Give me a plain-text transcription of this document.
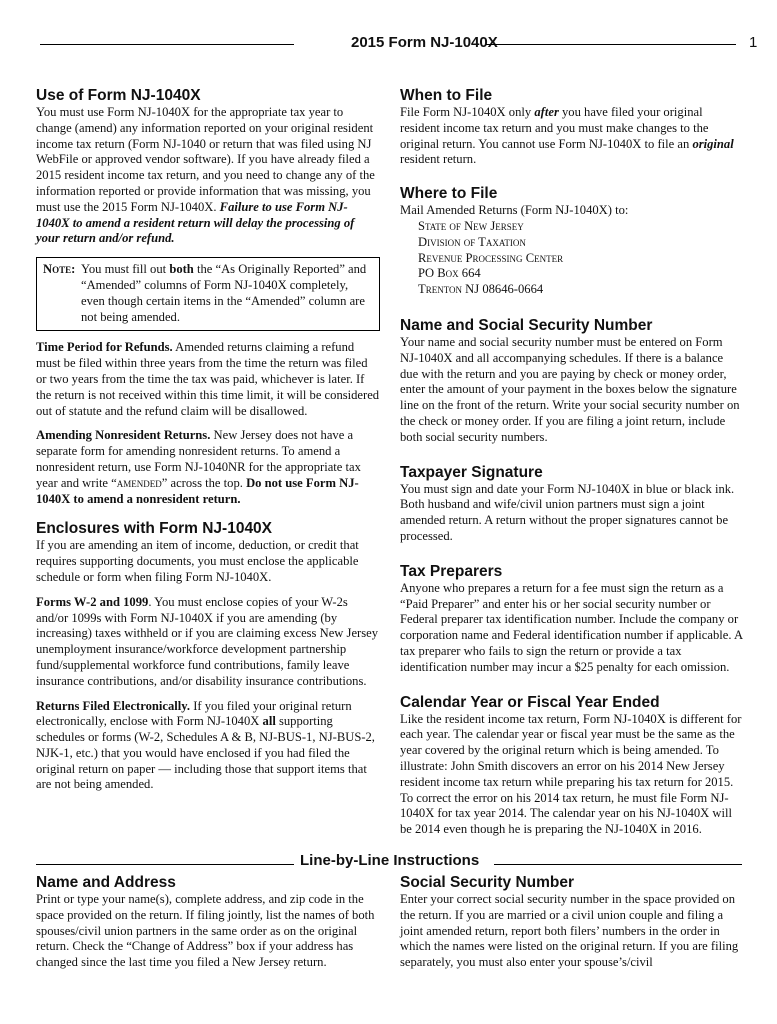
2015 Form NJ-1040X	1
Use of Form NJ-1040X

You must use Form NJ-1040X for the appropriate tax year to change (amend) any information reported on your original resident income tax return (Form NJ-1040 or return that was filed using NJ WebFile or approved vendor software). If you have already filed a 2015 resident income tax return, and you need to change any of the information reported or provide information that was missing, you must use the 2015 Form NJ-1040X. Failure to use Form NJ-1040X to amend a resident return will delay the processing of your return and/or refund.

Note: You must fill out both the “As Originally Reported” and “Amended” columns of Form NJ-1040X completely, even though certain items in the “Amended” column are not being amended.

Time Period for Refunds. Amended returns claiming a refund must be filed within three years from the time the return was filed or two years from the time the tax was paid, whichever is later. If the return is not received within this time limit, it will be considered out of statute and the refund claim will be disallowed.

Amending Nonresident Returns. New Jersey does not have a separate form for amending nonresident returns. To amend a nonresident return, use Form NJ-1040NR for the appropriate tax year and write “amended” across the top. Do not use Form NJ-1040X to amend a nonresident return.

Enclosures with Form NJ-1040X

If you are amending an item of income, deduction, or credit that requires supporting documents, you must enclose the applicable schedule or form when filing Form NJ-1040X.

Forms W-2 and 1099. You must enclose copies of your W-2s and/or 1099s with Form NJ-1040X if you are amending (by increasing) taxes withheld or if you are claiming excess New Jersey unemployment insurance/workforce development partnership fund/supplemental workforce fund contributions, family leave insurance contributions, and/or disability insurance contributions.

Returns Filed Electronically. If you filed your original return electronically, enclose with Form NJ-1040X all supporting schedules or forms (W-2, Schedules A & B, NJ-BUS-1, NJ-BUS-2, NJK-1, etc.) that you would have enclosed if you had filed the original return on paper — including those that support items that are not being amended.

When to File

File Form NJ-1040X only after you have filed your original resident income tax return and you must make changes to the original return. You cannot use Form NJ-1040X to file an original resident return.

Where to File

Mail Amended Returns (Form NJ-1040X) to:

State of New Jersey
Division of Taxation
Revenue Processing Center
PO Box 664
Trenton NJ 08646-0664
Name and Social Security Number

Your name and social security number must be entered on Form NJ-1040X and all accompanying schedules. If there is a balance due with the return and you are paying by check or money order, enter the amount of your payment in the boxes below the signature line on the front of the return. Write your social security number on the check or money order. If you are filing a joint return, include both social security numbers.

Taxpayer Signature

You must sign and date your Form NJ-1040X in blue or black ink. Both husband and wife/civil union partners must sign a joint amended return. A return without the proper signatures cannot be processed.

Tax Preparers

Anyone who prepares a return for a fee must sign the return as a “Paid Preparer” and enter his or her social security number or Federal preparer tax identification number. Include the company or corporation name and Federal identification number if applicable. A tax preparer who fails to sign the return or provide a tax identification number may incur a $25 penalty for each omission.

Calendar Year or Fiscal Year Ended

Like the resident income tax return, Form NJ-1040X is different for each year. The calendar year or fiscal year must be the same as the year covered by the original return which is being amended. To illustrate: John Smith discovers an error on his 2014 New Jersey resident income tax return while preparing his tax return for 2015. To correct the error on his 2014 tax return, he must file Form NJ-1040X for tax year 2014. The calendar year on his NJ-1040X will be 2014 even though he is preparing the NJ-1040X in 2016.

Line-by-Line Instructions
Name and Address

Print or type your name(s), complete address, and zip code in the space provided on the return. If filing jointly, list the names of both spouses/civil union partners in the same order as on the original return. Check the “Change of Address” box if your address has changed since the last time you filed a New Jersey return.

Social Security Number

Enter your correct social security number in the space provided on the return. If you are married or a civil union couple and filing a joint amended return, report both filers’ numbers in the order in which the names were listed on the original return. If you are filing separately, you must also enter your spouse’s/civil
